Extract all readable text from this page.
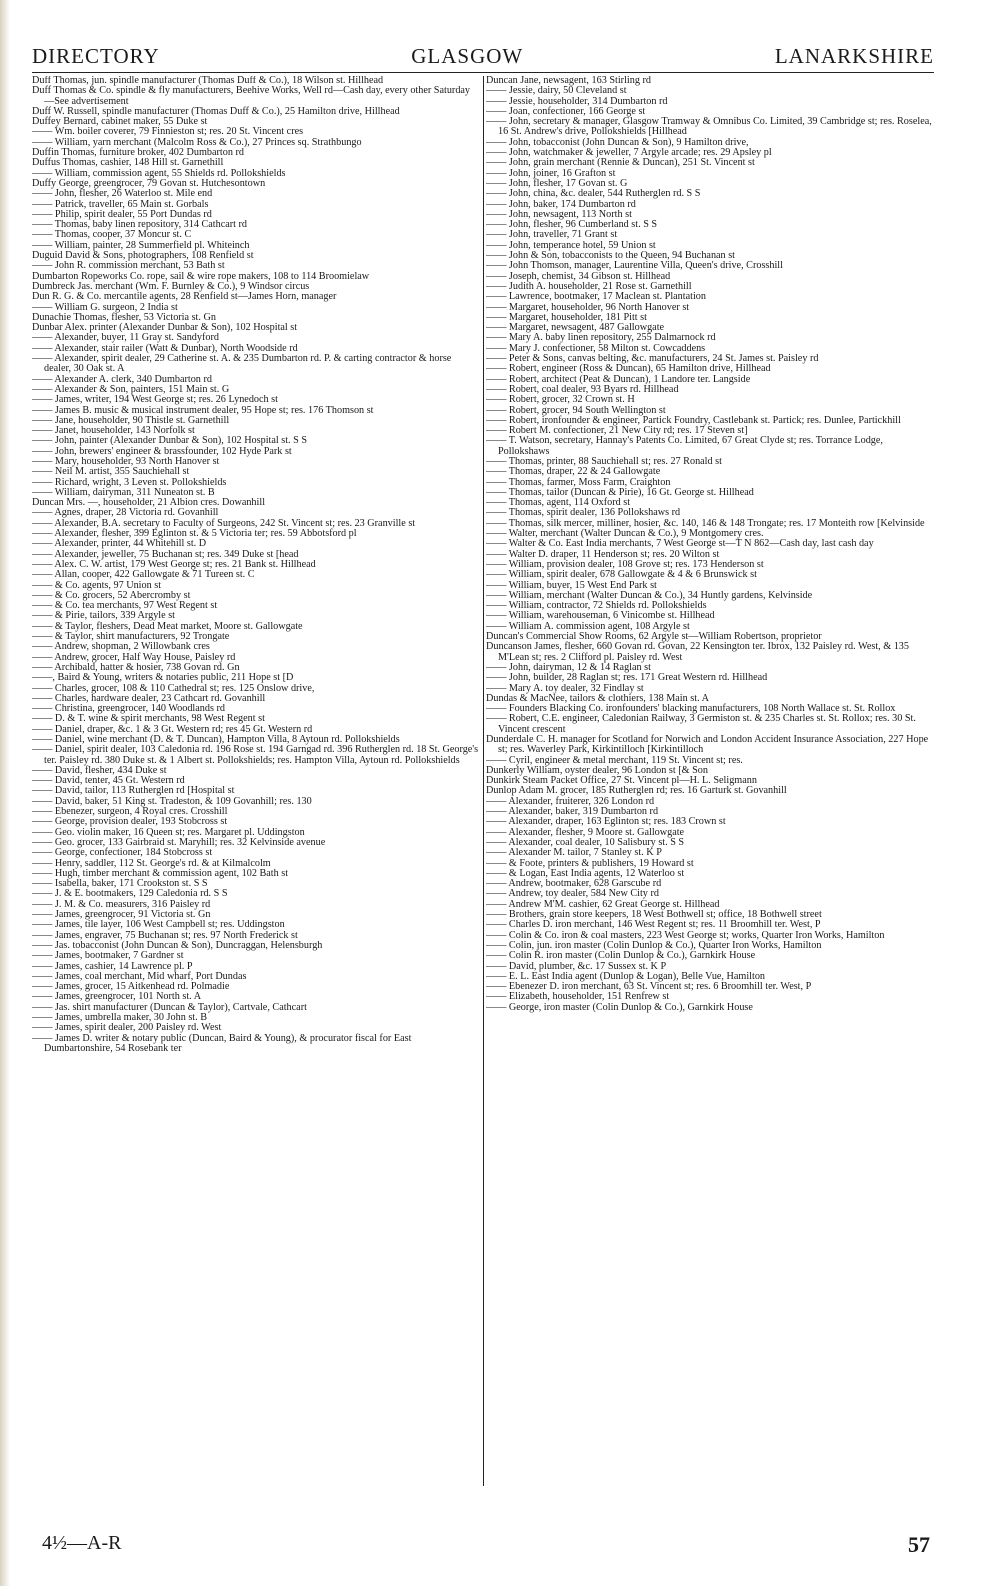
DIRECTORY	GLASGOW	LANARKSHIRE

Duff Thomas, jun. spindle manufacturer (Thomas Duff & Co.), 18 Wilson st. Hillhead

Duff Thomas & Co. spindle & fly manufacturers, Beehive Works, Well rd—Cash day, every other Saturday—See advertisement

Duff W. Russell, spindle manufacturer (Thomas Duff & Co.), 25 Hamilton drive, Hillhead

Duffey Bernard, cabinet maker, 55 Duke st

—— Wm. boiler coverer, 79 Finnieston st; res. 20 St. Vincent cres

—— William, yarn merchant (Malcolm Ross & Co.), 27 Princes sq. Strathbungo

Duffin Thomas, furniture broker, 402 Dumbarton rd

Duffus Thomas, cashier, 148 Hill st. Garnethill

—— William, commission agent, 55 Shields rd. Pollokshields

Duffy George, greengrocer, 79 Govan st. Hutchesontown

—— John, flesher, 26 Waterloo st. Mile end

—— Patrick, traveller, 65 Main st. Gorbals

—— Philip, spirit dealer, 55 Port Dundas rd

—— Thomas, baby linen repository, 314 Cathcart rd

—— Thomas, cooper, 37 Moncur st. C

—— William, painter, 28 Summerfield pl. Whiteinch

Duguid David & Sons, photographers, 108 Renfield st

—— John R. commission merchant, 53 Bath st

Dumbarton Ropeworks Co. rope, sail & wire rope makers, 108 to 114 Broomielaw

Dumbreck Jas. merchant (Wm. F. Burnley & Co.), 9 Windsor circus

Dun R. G. & Co. mercantile agents, 28 Renfield st—James Horn, manager

—— William G. surgeon, 2 India st

Dunachie Thomas, flesher, 53 Victoria st. Gn

Dunbar Alex. printer (Alexander Dunbar & Son), 102 Hospital st

—— Alexander, buyer, 11 Gray st. Sandyford

—— Alexander, stair railer (Watt & Dunbar), North Woodside rd

—— Alexander, spirit dealer, 29 Catherine st. A. & 235 Dumbarton rd. P. & carting contractor & horse dealer, 30 Oak st. A

—— Alexander A. clerk, 340 Dumbarton rd

—— Alexander & Son, painters, 151 Main st. G

—— James, writer, 194 West George st; res. 26 Lynedoch st

—— James B. music & musical instrument dealer, 95 Hope st; res. 176 Thomson st

—— Jane, householder, 90 Thistle st. Garnethill

—— Janet, householder, 143 Norfolk st

—— John, painter (Alexander Dunbar & Son), 102 Hospital st. S S

—— John, brewers' engineer & brassfounder, 102 Hyde Park st

—— Mary, householder, 93 North Hanover st

—— Neil M. artist, 355 Sauchiehall st

—— Richard, wright, 3 Leven st. Pollokshields

—— William, dairyman, 311 Nuneaton st. B

Duncan Mrs. —, householder, 21 Albion cres. Dowanhill

—— Agnes, draper, 28 Victoria rd. Govanhill

—— Alexander, B.A. secretary to Faculty of Surgeons, 242 St. Vincent st; res. 23 Granville st

—— Alexander, flesher, 399 Eglinton st. & 5 Victoria ter; res. 59 Abbotsford pl

—— Alexander, printer, 44 Whitehill st. D

—— Alexander, jeweller, 75 Buchanan st; res. 349 Duke st [head

—— Alex. C. W. artist, 179 West George st; res. 21 Bank st. Hillhead

—— Allan, cooper, 422 Gallowgate & 71 Tureen st. C

—— & Co. agents, 97 Union st

—— & Co. grocers, 52 Abercromby st

—— & Co. tea merchants, 97 West Regent st

—— & Pirie, tailors, 339 Argyle st

—— & Taylor, fleshers, Dead Meat market, Moore st. Gallowgate

—— & Taylor, shirt manufacturers, 92 Trongate

—— Andrew, shopman, 2 Willowbank cres

—— Andrew, grocer, Half Way House, Paisley rd

—— Archibald, hatter & hosier, 738 Govan rd. Gn

——, Baird & Young, writers & notaries public, 211 Hope st [D

—— Charles, grocer, 108 & 110 Cathedral st; res. 125 Onslow drive,

—— Charles, hardware dealer, 23 Cathcart rd. Govanhill

—— Christina, greengrocer, 140 Woodlands rd

—— D. & T. wine & spirit merchants, 98 West Regent st

—— Daniel, draper, &c. 1 & 3 Gt. Western rd; res 45 Gt. Western rd

—— Daniel, wine merchant (D. & T. Duncan), Hampton Villa, 8 Aytoun rd. Pollokshields

—— Daniel, spirit dealer, 103 Caledonia rd. 196 Rose st. 194 Garngad rd. 396 Rutherglen rd. 18 St. George's ter. Paisley rd. 380 Duke st. & 1 Albert st. Pollokshields; res. Hampton Villa, Aytoun rd. Pollokshields

—— David, flesher, 434 Duke st

—— David, tenter, 45 Gt. Western rd

—— David, tailor, 113 Rutherglen rd [Hospital st

—— David, baker, 51 King st. Tradeston, & 109 Govanhill; res. 130

—— Ebenezer, surgeon, 4 Royal cres. Crosshill

—— George, provision dealer, 193 Stobcross st

—— Geo. violin maker, 16 Queen st; res. Margaret pl. Uddingston

—— Geo. grocer, 133 Gairbraid st. Maryhill; res. 32 Kelvinside avenue

—— George, confectioner, 184 Stobcross st

—— Henry, saddler, 112 St. George's rd. & at Kilmalcolm

—— Hugh, timber merchant & commission agent, 102 Bath st

—— Isabella, baker, 171 Crookston st. S S

—— J. & E. bootmakers, 129 Caledonia rd. S S

—— J. M. & Co. measurers, 316 Paisley rd

—— James, greengrocer, 91 Victoria st. Gn

—— James, tile layer, 106 West Campbell st; res. Uddingston

—— James, engraver, 75 Buchanan st; res. 97 North Frederick st

—— Jas. tobacconist (John Duncan & Son), Duncraggan, Helensburgh

—— James, bootmaker, 7 Gardner st

—— James, cashier, 14 Lawrence pl. P

—— James, coal merchant, Mid wharf, Port Dundas

—— James, grocer, 15 Aitkenhead rd. Polmadie

—— James, greengrocer, 101 North st. A

—— Jas. shirt manufacturer (Duncan & Taylor), Cartvale, Cathcart

—— James, umbrella maker, 30 John st. B

—— James, spirit dealer, 200 Paisley rd. West

—— James D. writer & notary public (Duncan, Baird & Young), & procurator fiscal for East Dumbartonshire, 54 Rosebank ter

Duncan Jane, newsagent, 163 Stirling rd

—— Jessie, dairy, 50 Cleveland st

—— Jessie, householder, 314 Dumbarton rd

—— Joan, confectioner, 166 George st

—— John, secretary & manager, Glasgow Tramway & Omnibus Co. Limited, 39 Cambridge st; res. Roselea, 16 St. Andrew's drive, Pollokshields [Hillhead

—— John, tobacconist (John Duncan & Son), 9 Hamilton drive,

—— John, watchmaker & jeweller, 7 Argyle arcade; res. 29 Apsley pl

—— John, grain merchant (Rennie & Duncan), 251 St. Vincent st

—— John, joiner, 16 Grafton st

—— John, flesher, 17 Govan st. G

—— John, china, &c. dealer, 544 Rutherglen rd. S S

—— John, baker, 174 Dumbarton rd

—— John, newsagent, 113 North st

—— John, flesher, 96 Cumberland st. S S

—— John, traveller, 71 Grant st

—— John, temperance hotel, 59 Union st

—— John & Son, tobacconists to the Queen, 94 Buchanan st

—— John Thomson, manager, Laurentine Villa, Queen's drive, Crosshill

—— Joseph, chemist, 34 Gibson st. Hillhead

—— Judith A. householder, 21 Rose st. Garnethill

—— Lawrence, bootmaker, 17 Maclean st. Plantation

—— Margaret, householder, 96 North Hanover st

—— Margaret, householder, 181 Pitt st

—— Margaret, newsagent, 487 Gallowgate

—— Mary A. baby linen repository, 255 Dalmarnock rd

—— Mary J. confectioner, 58 Milton st. Cowcaddens

—— Peter & Sons, canvas belting, &c. manufacturers, 24 St. James st. Paisley rd

—— Robert, engineer (Ross & Duncan), 65 Hamilton drive, Hillhead

—— Robert, architect (Peat & Duncan), 1 Landore ter. Langside

—— Robert, coal dealer, 93 Byars rd. Hillhead

—— Robert, grocer, 32 Crown st. H

—— Robert, grocer, 94 South Wellington st

—— Robert, ironfounder & engineer, Partick Foundry, Castlebank st. Partick; res. Dunlee, Partickhill

—— Robert M. confectioner, 21 New City rd; res. 17 Steven st]

—— T. Watson, secretary, Hannay's Patents Co. Limited, 67 Great Clyde st; res. Torrance Lodge, Pollokshaws

—— Thomas, printer, 88 Sauchiehall st; res. 27 Ronald st

—— Thomas, draper, 22 & 24 Gallowgate

—— Thomas, farmer, Moss Farm, Craighton

—— Thomas, tailor (Duncan & Pirie), 16 Gt. George st. Hillhead

—— Thomas, agent, 114 Oxford st

—— Thomas, spirit dealer, 136 Pollokshaws rd

—— Thomas, silk mercer, milliner, hosier, &c. 140, 146 & 148 Trongate; res. 17 Monteith row [Kelvinside

—— Walter, merchant (Walter Duncan & Co.), 9 Montgomery cres.

—— Walter & Co. East India merchants, 7 West George st—T N 862—Cash day, last cash day

—— Walter D. draper, 11 Henderson st; res. 20 Wilton st

—— William, provision dealer, 108 Grove st; res. 173 Henderson st

—— William, spirit dealer, 678 Gallowgate & 4 & 6 Brunswick st

—— William, buyer, 15 West End Park st

—— William, merchant (Walter Duncan & Co.), 34 Huntly gardens, Kelvinside

—— William, contractor, 72 Shields rd. Pollokshields

—— William, warehouseman, 6 Vinicombe st. Hillhead

—— William A. commission agent, 108 Argyle st

Duncan's Commercial Show Rooms, 62 Argyle st—William Robertson, proprietor

Duncanson James, flesher, 660 Govan rd. Govan, 22 Kensington ter. Ibrox, 132 Paisley rd. West, & 135 M'Lean st; res. 2 Clifford pl. Paisley rd. West

—— John, dairyman, 12 & 14 Raglan st

—— John, builder, 28 Raglan st; res. 171 Great Western rd. Hillhead

—— Mary A. toy dealer, 32 Findlay st

Dundas & MacNee, tailors & clothiers, 138 Main st. A

—— Founders Blacking Co. ironfounders' blacking manufacturers, 108 North Wallace st. St. Rollox

—— Robert, C.E. engineer, Caledonian Railway, 3 Germiston st. & 235 Charles st. St. Rollox; res. 30 St. Vincent crescent

Dunderdale C. H. manager for Scotland for Norwich and London Accident Insurance Association, 227 Hope st; res. Waverley Park, Kirkintilloch [Kirkintilloch

—— Cyril, engineer & metal merchant, 119 St. Vincent st; res.

Dunkerly William, oyster dealer, 96 London st [& Son

Dunkirk Steam Packet Office, 27 St. Vincent pl—H. L. Seligmann

Dunlop Adam M. grocer, 185 Rutherglen rd; res. 16 Garturk st. Govanhill

—— Alexander, fruiterer, 326 London rd

—— Alexander, baker, 319 Dumbarton rd

—— Alexander, draper, 163 Eglinton st; res. 183 Crown st

—— Alexander, flesher, 9 Moore st. Gallowgate

—— Alexander, coal dealer, 10 Salisbury st. S S

—— Alexander M. tailor, 7 Stanley st. K P

—— & Foote, printers & publishers, 19 Howard st

—— & Logan, East India agents, 12 Waterloo st

—— Andrew, bootmaker, 628 Garscube rd

—— Andrew, toy dealer, 584 New City rd

—— Andrew M'M. cashier, 62 Great George st. Hillhead

—— Brothers, grain store keepers, 18 West Bothwell st; office, 18 Bothwell street

—— Charles D. iron merchant, 146 West Regent st; res. 11 Broomhill ter. West, P

—— Colin & Co. iron & coal masters, 223 West George st; works, Quarter Iron Works, Hamilton

—— Colin, jun. iron master (Colin Dunlop & Co.), Quarter Iron Works, Hamilton

—— Colin R. iron master (Colin Dunlop & Co.), Garnkirk House

—— David, plumber, &c. 17 Sussex st. K P

—— E. L. East India agent (Dunlop & Logan), Belle Vue, Hamilton

—— Ebenezer D. iron merchant, 63 St. Vincent st; res. 6 Broomhill ter. West, P

—— Elizabeth, householder, 151 Renfrew st

—— George, iron master (Colin Dunlop & Co.), Garnkirk House

4½—A-R	57
